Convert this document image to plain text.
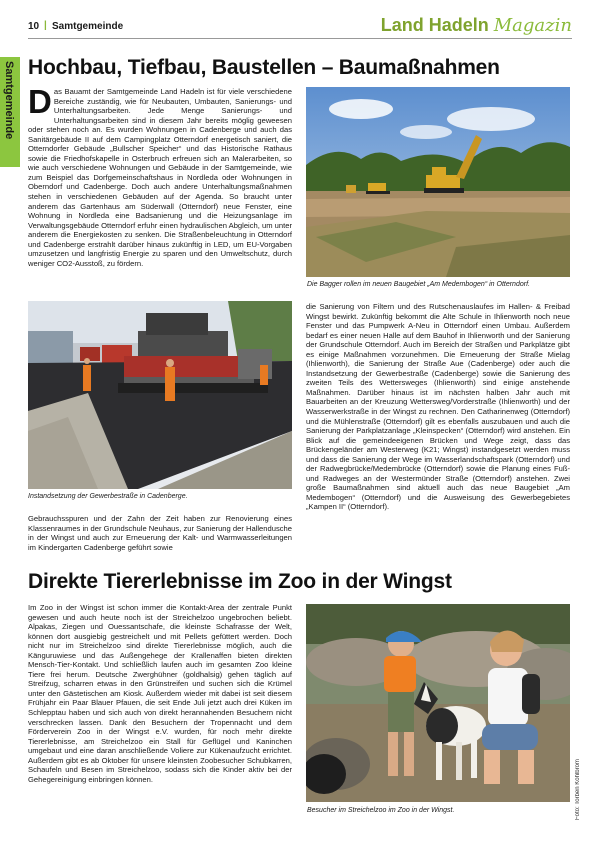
10 | Samtgemeinde	Land Hadeln Magazin
Samtgemeinde Hochbau, Tiefbau, Baustellen – Baumaßnahmen

Das Bauamt der Samtgemeinde Land Hadeln ist für viele verschiedene Bereiche zuständig, wie für Neubauten, Umbauten, Sanierungs- und Unterhaltungsarbeiten. Jede Menge Sanierungs- und Unterhaltungsarbeiten sind in diesem Jahr bereits möglig geweesen oder stehen noch an. Es wurden Wohnungen in Cadenberge und auch das Sanitärgebäude II auf dem Campingplatz Otterndorf energetisch saniert, die Otterndorfer Gebäude „Bullscher Speicher“ und das Historische Rathaus sowie die Friedhofskapelle in Osterbruch erfreuen sich an Malerarbeiten, so wie auch verschiedene Wohnungen und Gebäude in der Samtgemeinde, wie zum Beispiel das Dorfgemeinschaftshaus in Nordleda oder Wohnungen in Oberndorf und Cadenberge. Doch auch andere Unterhaltungsmaßnahmen stehen in verschiedenen Gebäuden auf der Agenda. So braucht unter anderem das Gartenhaus am Süderwall (Otterndorf) neue Fenster, eine Wohnung in Nordleda eine Badsanierung und die Heizungsanlage im Verwaltungsgebäude Otterndorf erfuhr einen hydraulischen Abgleich, um unter anderem die Energiekosten zu senken. Die Straßenbeleuchtung in Otterndorf und Cadenberge erstrahlt darüber hinaus zukünftig in LED, um EU-Vorgaben umzusetzen und langfristig Energie zu sparen und den Umweltschutz, durch weniger CO2-Ausstoß, zu fördern.

Die Bagger rollen im neuen Baugebiet „Am Medembogen“ in Otterndorf.
Instandsetzung der Gewerbestraße in Cadenberge.

Gebrauchsspuren und der Zahn der Zeit haben zur Renovierung eines Klassenraumes in der Grundschule Neuhaus, zur Sanierung der Hallendusche in der Wingst und auch zur Erneuerung der Kalt- und Warmwasserleitungen im Kindergarten Cadenberge geführt sowie

die Sanierung von Filtern und des Rutschenauslaufes im Hallen- & Freibad Wingst bewirkt. Zukünftig bekommt die Alte Schule in Ihlienworth noch neue Fenster und das Pumpwerk A-Neu in Otterndorf einen Umbau. Außerdem bedarf es einer neuen Halle auf dem Bauhof in Ihlienworth und der Sanierung der Grundschule Otterndorf. Auch im Bereich der Straßen und Parkplätze gibt es einige Maßnahmen vorzunehmen. Die Erneuerung der Straße Mielag (Ihlienworth), die Sanierung der Straße Aue (Cadenberge) oder auch die Instandsetzung der Gewerbestraße (Cadenberge) sowie die Sanierung des zweiten Teils des Wettersweges (Ihlienworth) sind einige anstehende Maßnahmen. Darüber hinaus ist im nächsten halben Jahr auch mit Bauarbeiten an der Kreuzung Wettersweg/Vorderstraße (Ihlienworth) und der Wasserwerkstraße in der Wingst zu rechnen. Den Catharinenweg (Otterndorf) und die Mühlenstraße (Otterndorf) gilt es ebenfalls auszubauen und auch die Sanierung der Parkplatzanlage „Kleinspecken“ (Otterndorf) wird anstehen. Ein Blick auf die gemeindeeigenen Brücken und Wege zeigt, dass das Brückengeländer am Westerweg (K21; Wingst) instandgesetzt werden muss und dass die Sanierung der Wege im Wasserlandschaftspark (Otterndorf) und der Radwegbrücke/Medembrücke (Otterndorf) sowie die Planung eines Fuß- und Radweges an der Westermünder Straße (Otterndorf) anstehen. Zwei große Baumaßnahmen sind aktuell auch das neue Baugebiet „Am Medembogen“ (Otterndorf) und die Ausweisung des Gewerbegebietes „Kampen II“ (Otterndorf).

Direkte Tiererlebnisse im Zoo in der Wingst

Im Zoo in der Wingst ist schon immer die Kontakt-Area der zentrale Punkt gewesen und auch heute noch ist der Streichelzoo ungebrochen beliebt. Alpakas, Ziegen und Ouessantschafe, die kleinste Schafrasse der Welt, können dort ausgiebig gestreichelt und mit Pellets gefüttert werden. Doch nicht nur im Streichelzoo sind direkte Tiererlebnisse möglich, auch die Känguruwiese und das Außengehege der Krallenaffen bieten direkten Mensch-Tier-Kontakt. Und schließlich laufen auch im gesamten Zoo kleine Tiere frei herum. Deutsche Zwerghühner (goldhalsig) gehen täglich auf Streifzug, scharren etwas in den Grünstreifen und suchen sich die Krümel unter den Gästetischen am Kiosk. Außerdem wieder mit dabei ist seit diesem Frühjahr ein Paar Blauer Pfauen, die seit Ende Juli jetzt auch drei Küken im Schlepptau haben und sich auch von direkt herannahenden Besuchern nicht verschrecken lassen. Dank den Besuchern der Tropennacht und dem Förderverein Zoo in der Wingst e.V. wurden, für noch mehr direkte Tiererlebnisse, am Streichelzoo ein Stall für Geflügel und Kaninchen umgebaut und eine daran anschließende Voliere zur Kükenaufzucht errichtet. Außerdem gibt es ab Oktober für unsere kleinsten Zoobesucher Schubkarren, Schaufeln und Besen im Streichelzoo, sodass sich die Kinder aktiv bei der Gehegereinigung einbringen können.

Besucher im Streichelzoo im Zoo in der Wingst.	Foto: Torben Köhlbrom
